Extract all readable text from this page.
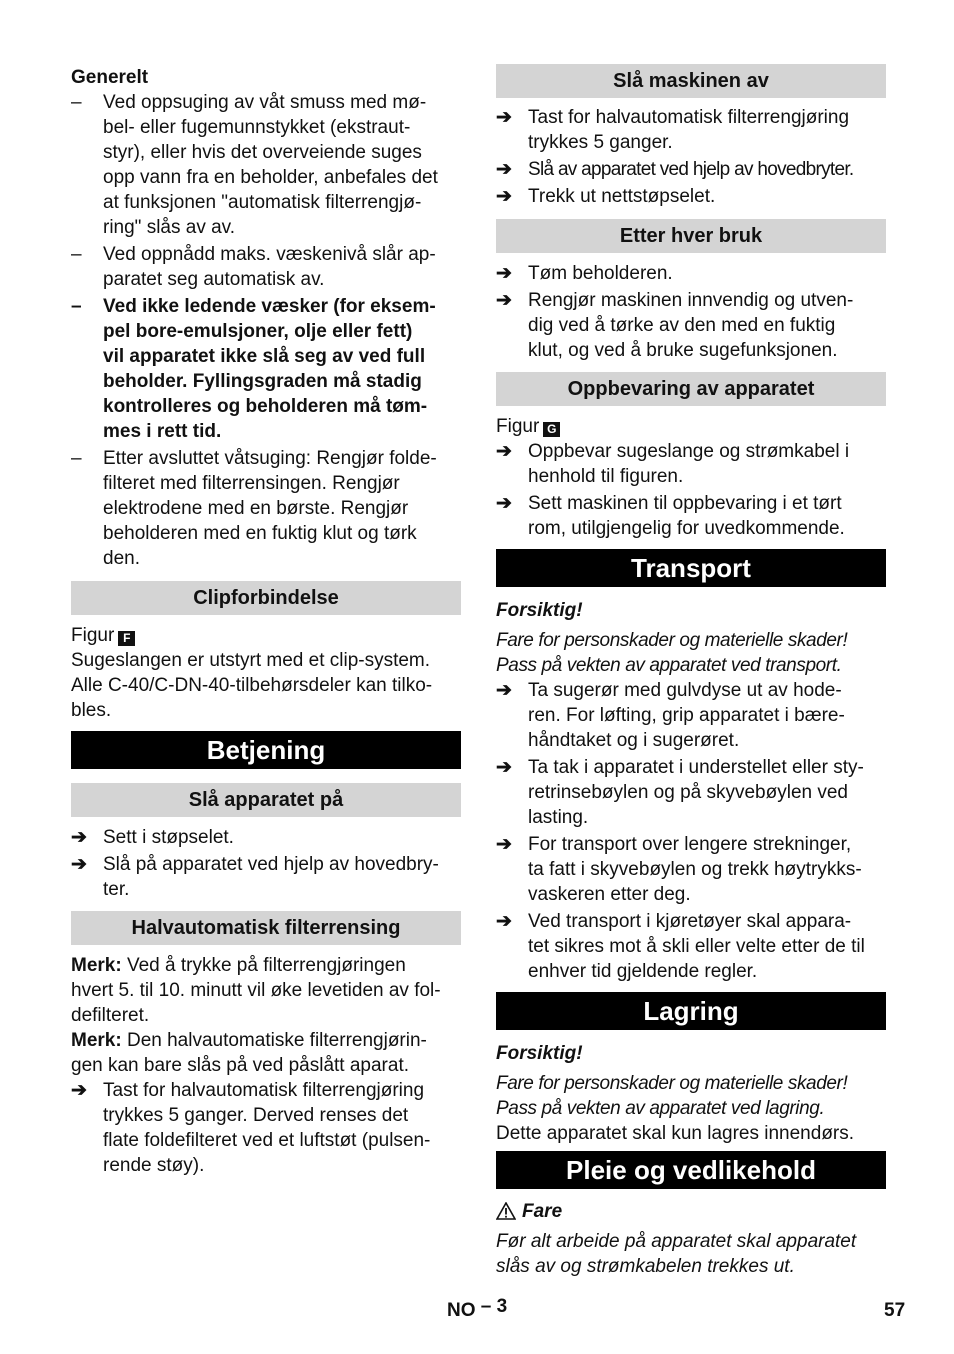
Generelt
–	Ved oppsuging av våt smuss med mø-
bel- eller fugemunnstykket (ekstraut-
styr), eller hvis det overveiende suges
opp vann fra en beholder, anbefales det
at funksjonen "automatisk filterrengjø-
ring" slås av av.
–	Ved oppnådd maks. væskenivå slår ap-
paratet seg automatisk av.
–	Ved ikke ledende væsker (for eksem-
pel bore-emulsjoner, olje eller fett)
vil apparatet ikke slå seg av ved full
beholder. Fyllingsgraden må stadig
kontrolleres og beholderen må tøm-
mes i rett tid.
–	Etter avsluttet våtsuging: Rengjør folde-
filteret med filterrensingen. Rengjør
elektrodene med en børste. Rengjør
beholderen med en fuktig klut og tørk
den.
Clipforbindelse
Figur F
Sugeslangen er utstyrt med et clip-system.
Alle C-40/C-DN-40-tilbehørsdeler kan tilko-
bles.
Betjening
Slå apparatet på
➔ Sett i støpselet.
➔ Slå på apparatet ved hjelp av hovedbry-
ter.
Halvautomatisk filterrensing
Merk: Ved å trykke på filterrengjøringen
hvert 5. til 10. minutt vil øke levetiden av fol-
defilteret.
Merk: Den halvautomatiske filterrengjørin-
gen kan bare slås på ved påslått aparat.
➔ Tast for halvautomatisk filterrengjøring
trykkes 5 ganger. Derved renses det
flate foldefilteret ved et luftstøt (pulsen-
rende støy).
Slå maskinen av
➔ Tast for halvautomatisk filterrengjøring
trykkes 5 ganger.
➔ Slå av apparatet ved hjelp av hovedbryter.
➔ Trekk ut nettstøpselet.
Etter hver bruk
➔ Tøm beholderen.
➔ Rengjør maskinen innvendig og utven-
dig ved å tørke av den med en fuktig
klut, og ved å bruke sugefunksjonen.
Oppbevaring av apparatet
Figur G
➔ Oppbevar sugeslange og strømkabel i
henhold til figuren.
➔ Sett maskinen til oppbevaring i et tørt
rom, utilgjengelig for uvedkommende.
Transport
Forsiktig!
Fare for personskader og materielle skader!
Pass på vekten av apparatet ved transport.
➔ Ta sugerør med gulvdyse ut av hode-
ren. For løfting, grip apparatet i bære-
håndtaket og i sugerøret.
➔ Ta tak i apparatet i understellet eller sty-
retrinsebøylen og på skyvebøylen ved
lasting.
➔ For transport over lengere strekninger,
ta fatt i skyvebøylen og trekk høytrykks-
vaskeren etter deg.
➔ Ved transport i kjøretøyer skal appara-
tet sikres mot å skli eller velte etter de til
enhver tid gjeldende regler.
Lagring
Forsiktig!
Fare for personskader og materielle skader!
Pass på vekten av apparatet ved lagring.
Dette apparatet skal kun lagres innendørs.
Pleie og vedlikehold
Fare
Før alt arbeide på apparatet skal apparatet
slås av og strømkabelen trekkes ut.
NO – 3	57
